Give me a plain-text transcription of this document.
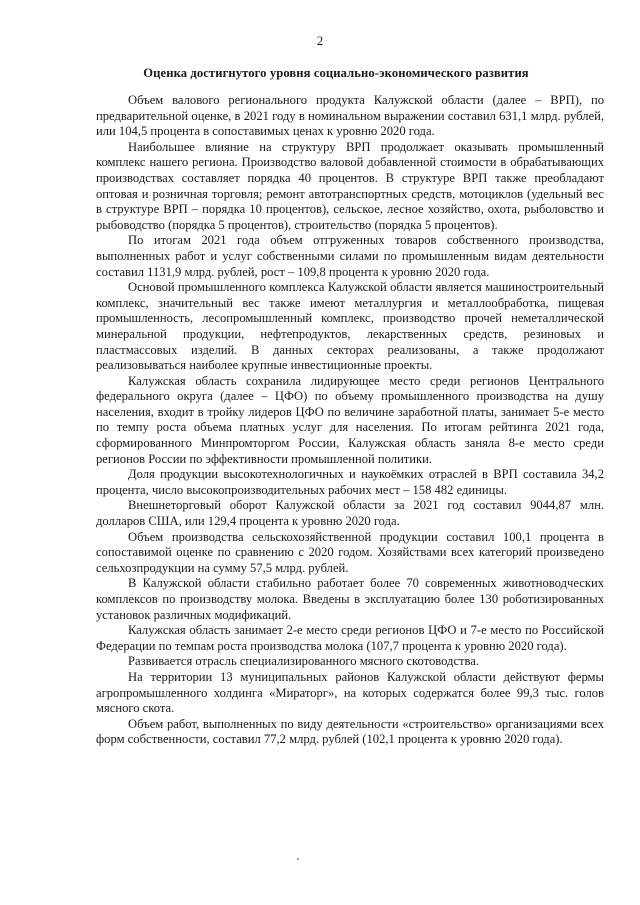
2
Оценка достигнутого уровня социально-экономического развития

Объем валового регионального продукта Калужской области (далее – ВРП), по предварительной оценке, в 2021 году в номинальном выражении составил 631,1 млрд. рублей, или 104,5 процента в сопоставимых ценах к уровню 2020 года.

Наибольшее влияние на структуру ВРП продолжает оказывать промышленный комплекс нашего региона. Производство валовой добавленной стоимости в обрабатывающих производствах составляет порядка 40 процентов. В структуре ВРП также преобладают оптовая и розничная торговля; ремонт автотранспортных средств, мотоциклов (удельный вес в структуре ВРП – порядка 10 процентов), сельское, лесное хозяйство, охота, рыболовство и рыбоводство (порядка 5 процентов), строительство (порядка 5 процентов).

По итогам 2021 года объем отгруженных товаров собственного производства, выполненных работ и услуг собственными силами по промышленным видам деятельности составил 1131,9 млрд. рублей, рост – 109,8 процента к уровню 2020 года.

Основой промышленного комплекса Калужской области является машиностроительный комплекс, значительный вес также имеют металлургия и металлообработка, пищевая промышленность, лесопромышленный комплекс, производство прочей неметаллической минеральной продукции, нефтепродуктов, лекарственных средств, резиновых и пластмассовых изделий. В данных секторах реализованы, а также продолжают реализовываться наиболее крупные инвестиционные проекты.

Калужская область сохранила лидирующее место среди регионов Центрального федерального округа (далее – ЦФО) по объему промышленного производства на душу населения, входит в тройку лидеров ЦФО по величине заработной платы, занимает 5-е место по темпу роста объема платных услуг для населения. По итогам рейтинга 2021 года, сформированного Минпромторгом России, Калужская область заняла 8-е место среди регионов России по эффективности промышленной политики.

Доля продукции высокотехнологичных и наукоёмких отраслей в ВРП составила 34,2 процента, число высокопроизводительных рабочих мест – 158 482 единицы.

Внешнеторговый оборот Калужской области за 2021 год составил 9044,87 млн. долларов США, или 129,4 процента к уровню 2020 года.

Объем производства сельскохозяйственной продукции составил 100,1 процента в сопоставимой оценке по сравнению с 2020 годом. Хозяйствами всех категорий произведено сельхозпродукции на сумму 57,5 млрд. рублей.

В Калужской области стабильно работает более 70 современных животноводческих комплексов по производству молока. Введены в эксплуатацию более 130 роботизированных установок различных модификаций.

Калужская область занимает 2-е место среди регионов ЦФО и 7-е место по Российской Федерации по темпам роста производства молока (107,7 процента к уровню 2020 года).

Развивается отрасль специализированного мясного скотоводства.

На территории 13 муниципальных районов Калужской области действуют фермы агропромышленного холдинга «Мираторг», на которых содержатся более 99,3 тыс. голов мясного скота.

Объем работ, выполненных по виду деятельности «строительство» организациями всех форм собственности, составил 77,2 млрд. рублей (102,1 процента к уровню 2020 года).
